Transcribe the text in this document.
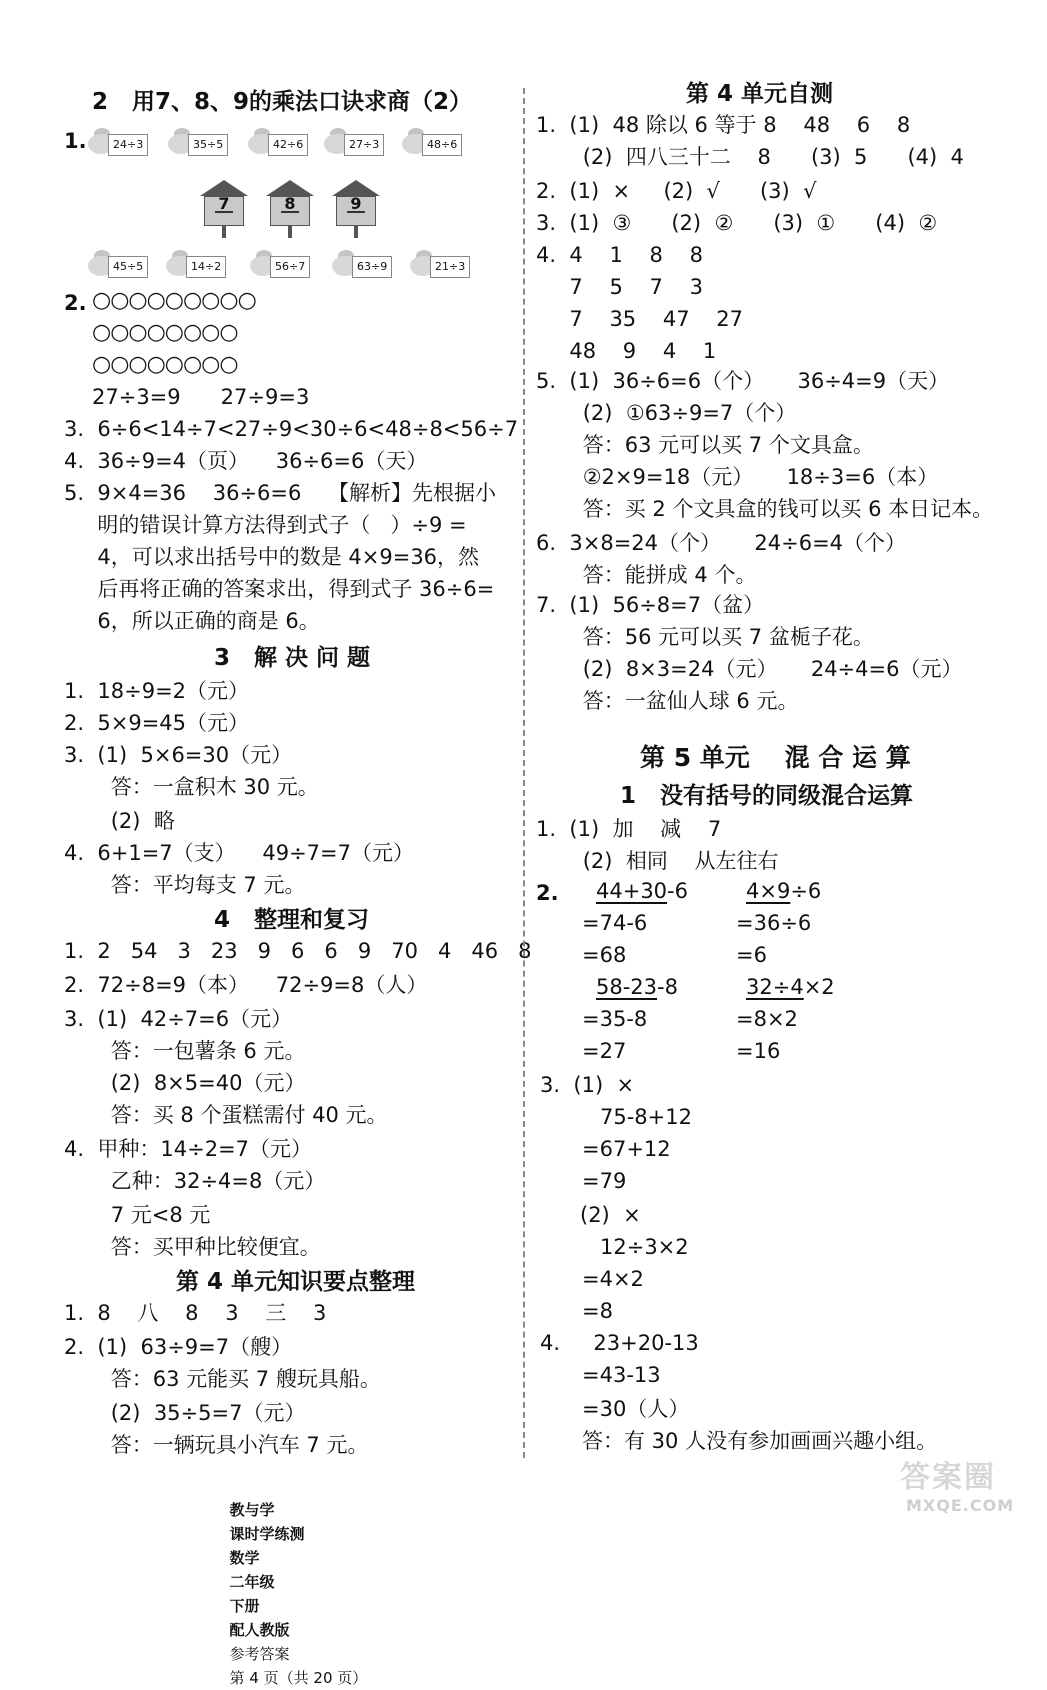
2   用7、8、9的乘法口诀求商（2）
1.	24÷3	35÷5	42÷6	27÷3	48÷6
7	8	9
45÷5	14÷2	56÷7	63÷9	21÷3
2. ○○○○○○○○○
○○○○○○○○
○○○○○○○○
27÷3=9      27÷9=3
3.  6÷6<14÷7<27÷9<30÷6<48÷8<56÷7
4.  36÷9=4（页）    36÷6=6（天）
5.  9×4=36    36÷6=6    【解析】先根据小
明的错误计算方法得到式子（   ）÷9 =
4，可以求出括号中的数是 4×9=36，然
后再将正确的答案求出，得到式子 36÷6=
6，所以正确的商是 6。
3   解 决 问 题
1.  18÷9=2（元）
2.  5×9=45（元）
3.  (1)  5×6=30（元）
答：一盒积木 30 元。
(2)  略
4.  6+1=7（支）    49÷7=7（元）
答：平均每支 7 元。
4   整理和复习
1.  2   54   3   23   9   6   6   9   70   4   46   8
2.  72÷8=9（本）    72÷9=8（人）
3.  (1)  42÷7=6（元）
答：一包薯条 6 元。
(2)  8×5=40（元）
答：买 8 个蛋糕需付 40 元。
4.  甲种：14÷2=7（元）
乙种：32÷4=8（元）
7 元<8 元
答：买甲种比较便宜。
第 4 单元知识要点整理
1.  8    八    8    3    三    3
2.  (1)  63÷9=7（艘）
答：63 元能买 7 艘玩具船。
(2)  35÷5=7（元）
答：一辆玩具小汽车 7 元。
第 4 单元自测
1.  (1)  48 除以 6 等于 8    48    6    8
(2)  四八三十二    8      (3)  5      (4)  4
2.  (1)  ×     (2)  √      (3)  √
3.  (1)  ③      (2)  ②      (3)  ①      (4)  ②
4.  4    1    8    8
7    5    7    3
7    35    47    27
48    9    4    1
5.  (1)  36÷6=6（个）     36÷4=9（天）
(2)  ①63÷9=7（个）
答：63 元可以买 7 个文具盒。
②2×9=18（元）     18÷3=6（本）
答：买 2 个文具盒的钱可以买 6 本日记本。
6.  3×8=24（个）     24÷6=4（个）
答：能拼成 4 个。
7.  (1)  56÷8=7（盆）
答：56 元可以买 7 盆栀子花。
(2)  8×3=24（元）     24÷4=6（元）
答：一盆仙人球 6 元。
第 5 单元    混 合 运 算
1   没有括号的同级混合运算
1.  (1)  加    减    7
(2)  相同    从左往右
2. 44+30-6
=74-6
=68
4×9÷6
=36÷6
=6
58-23-8
=35-8
=27
32÷4×2
=8×2
=16
3.  (1)  ×
75-8+12
=67+12
=79
(2)  ×
12÷3×2
=4×2
=8
4.     23+20-13
=43-13
=30（人）
答：有 30 人没有参加画画兴趣小组。

教与学
课时学练测
数学
二年级
下册
配人教版
参考答案
第 4 页（共 20 页）

答案圈
MXQE.COM
